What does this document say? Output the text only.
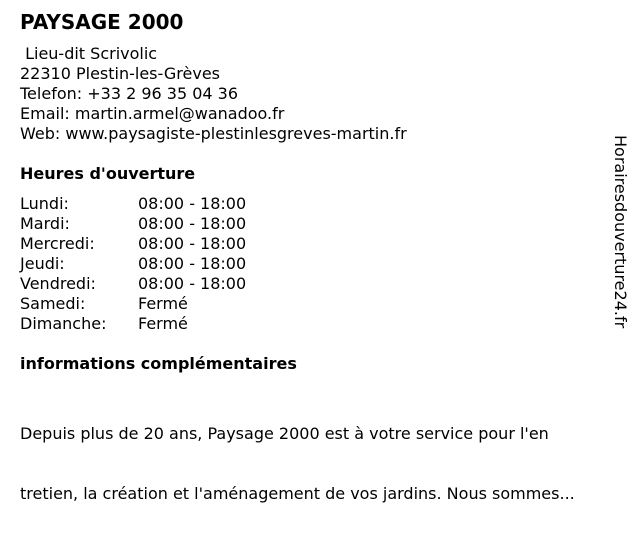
PAYSAGE 2000
Lieu-dit Scrivolic
22310 Plestin-les-Grèves
Telefon: +33 2 96 35 04 36
Email: martin.armel@wanadoo.fr
Web: www.paysagiste-plestinlesgreves-martin.fr
Heures d'ouverture
Lundi:	08:00 - 18:00
Mardi:	08:00 - 18:00
Mercredi:	08:00 - 18:00
Jeudi:	08:00 - 18:00
Vendredi:	08:00 - 18:00
Samedi:	Fermé
Dimanche: Fermé
informations complémentaires

Depuis plus de 20 ans, Paysage 2000 est à votre service pour l'en

tretien, la création et l'aménagement de vos jardins. Nous sommes...

Horairesdouverture24.fr
